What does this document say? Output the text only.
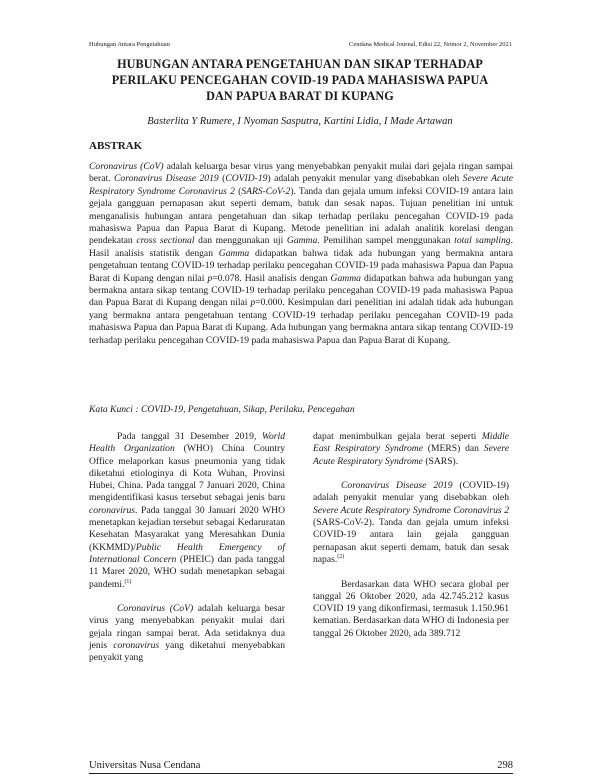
Hubungan Antara Pengetahuan	Cendana Medical Journal, Edisi 22, Nomor 2, November 2021
HUBUNGAN ANTARA PENGETAHUAN DAN SIKAP TERHADAP
PERILAKU PENCEGAHAN COVID-19 PADA MAHASISWA PAPUA
DAN PAPUA BARAT DI KUPANG
Basterlita Y Rumere, I Nyoman Sasputra, Kartini Lidia, I Made Artawan
ABSTRAK

Coronavirus (CoV) adalah keluarga besar virus yang menyebabkan penyakit mulai dari gejala ringan sampai berat. Coronavirus Disease 2019 (COVID-19) adalah penyakit menular yang disebabkan oleh Severe Acute Respiratory Syndrome Coronavirus 2 (SARS-CoV-2). Tanda dan gejala umum infeksi COVID-19 antara lain gejala gangguan pernapasan akut seperti demam, batuk dan sesak napas. Tujuan penelitian ini untuk menganalisis hubungan antara pengetahuan dan sikap terhadap perilaku pencegahan COVID-19 pada mahasiswa Papua dan Papua Barat di Kupang. Metode penelitian ini adalah analitik korelasi dengan pendekatan cross sectional dan menggunakan uji Gamma. Pemilihan sampel menggunakan total sampling. Hasil analisis statistik dengan Gamma didapatkan bahwa tidak ada hubungan yang bermakna antara pengetahuan tentang COVID-19 terhadap perilaku pencegahan COVID-19 pada mahasiswa Papua dan Papua Barat di Kupang dengan nilai p=0.078. Hasil analisis dengan Gamma didapatkan bahwa ada hubungan yang bermakna antara sikap tentang COVID-19 terhadap perilaku pencegahan COVID-19 pada mahasiswa Papua dan Papua Barat di Kupang dengan nilai p=0.000. Kesimpulan dari penelitian ini adalah tidak ada hubungan yang bermakna antara pengetahuan tentang COVID-19 terhadap perilaku pencegahan COVID-19 pada mahasiswa Papua dan Papua Barat di Kupang. Ada hubungan yang bermakna antara sikap tentang COVID-19 terhadap perilaku pencegahan COVID-19 pada mahasiswa Papua dan Papua Barat di Kupang.

Kata Kunci : COVID-19, Pengetahuan, Sikap, Perilaku, Pencegahan

Pada tanggal 31 Desember 2019, World Health Organization (WHO) China Country Office melaporkan kasus pneumonia yang tidak diketahui etiologinya di Kota Wuhan, Provinsi Hubei, China. Pada tanggal 7 Januari 2020, China mengidentifikasi kasus tersebut sebagai jenis baru coronavirus. Pada tanggal 30 Januari 2020 WHO menetapkan kejadian tersebut sebagai Kedaruratan Kesehatan Masyarakat yang Meresahkan Dunia (KKMMD)/Public Health Emergency of International Concern (PHEIC) dan pada tanggal 11 Maret 2020, WHO sudah menetapkan sebagai pandemi.$^{(1)}$

Coronavirus (CoV) adalah keluarga besar virus yang menyebabkan penyakit mulai dari gejala ringan sampai berat. Ada setidaknya dua jenis coronavirus yang diketahui menyebabkan penyakit yang

dapat menimbulkan gejala berat seperti Middle East Respiratory Syndrome (MERS) dan Severe Acute Respiratory Syndrome (SARS).

Coronavirus Disease 2019 (COVID-19) adalah penyakit menular yang disebabkan oleh Severe Acute Respiratory Syndrome Coronavirus 2 (SARS-CoV-2). Tanda dan gejala umum infeksi COVID-19 antara lain gejala gangguan pernapasan akut seperti demam, batuk dan sesak napas.$^{(2)}$

Berdasarkan data WHO secara global per tanggal 26 Oktober 2020, ada 42.745.212 kasus COVID 19 yang dikonfirmasi, termasuk 1.150.961 kematian. Berdasarkan data WHO di Indonesia per tanggal 26 Oktober 2020, ada 389.712

Universitas Nusa Cendana	298
